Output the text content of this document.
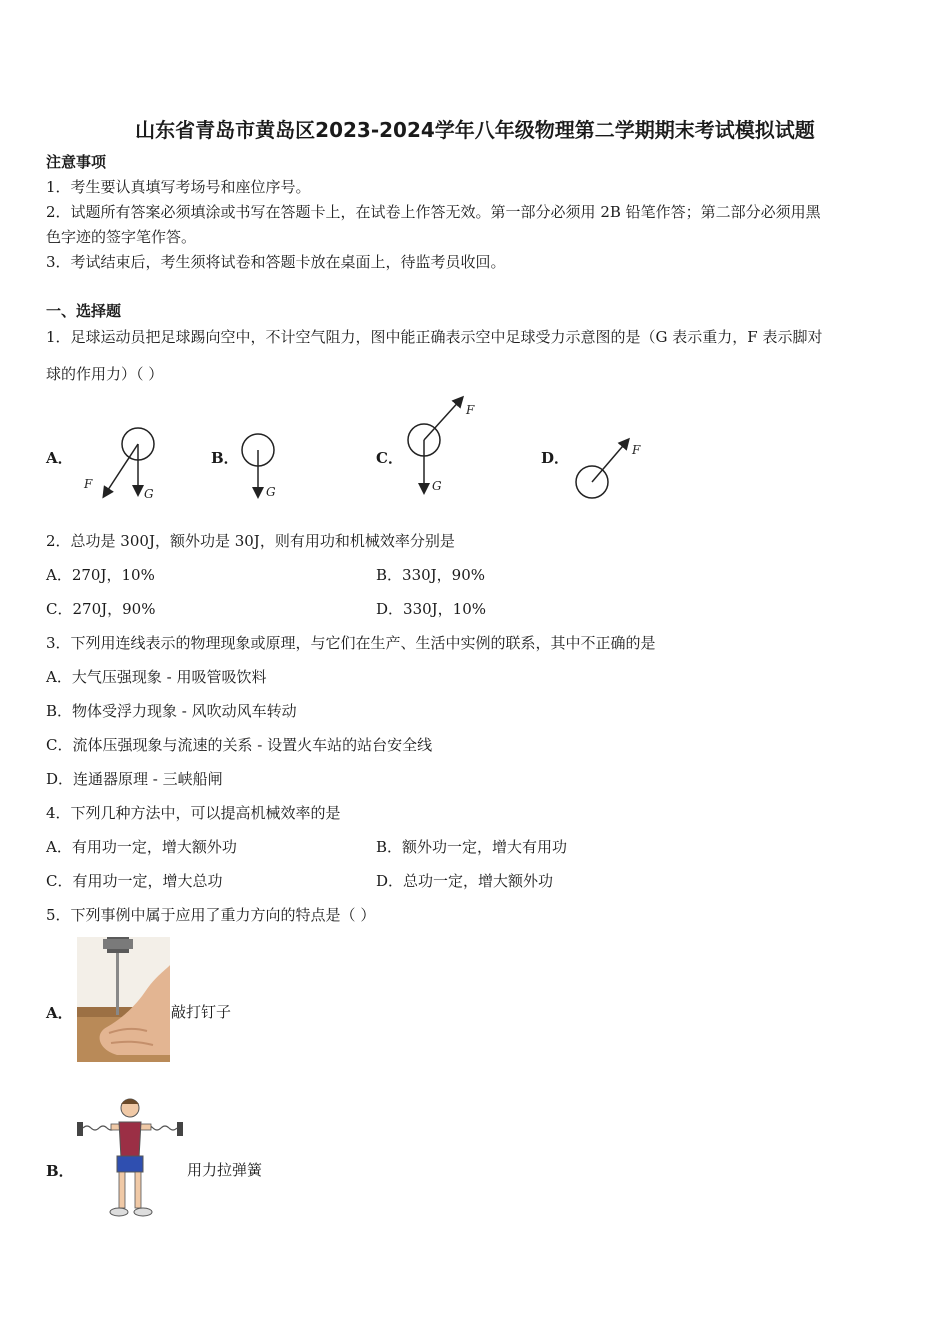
山东省青岛市黄岛区2023-2024学年八年级物理第二学期期末考试模拟试题
注意事项
1．考生要认真填写考场号和座位序号。
2．试题所有答案必须填涂或书写在答题卡上，在试卷上作答无效。第一部分必须用 2B 铅笔作答；第二部分必须用黑
色字迹的签字笔作答。
3．考试结束后，考生须将试卷和答题卡放在桌面上，待监考员收回。
一、选择题
1．足球运动员把足球踢向空中，不计空气阻力，图中能正确表示空中足球受力示意图的是（G 表示重力，F 表示脚对
球的作用力）（ ）
A．	B．	C．	D．
F
G	G
F
G
F
2．总功是 300J，额外功是 30J，则有用功和机械效率分别是
A．270J，10%	B．330J，90%
C．270J，90%	D．330J，10%
3．下列用连线表示的物理现象或原理，与它们在生产、生活中实例的联系，其中不正确的是
A．大气压强现象 - 用吸管吸饮料
B．物体受浮力现象 - 风吹动风车转动
C．流体压强现象与流速的关系 - 设置火车站的站台安全线
D．连通器原理 - 三峡船闸
4．下列几种方法中，可以提高机械效率的是
A．有用功一定，增大额外功	B．额外功一定，增大有用功
C．有用功一定，增大总功	D．总功一定，增大额外功
5．下列事例中属于应用了重力方向的特点是（ ）
A．	敲打钉子
B．	用力拉弹簧
